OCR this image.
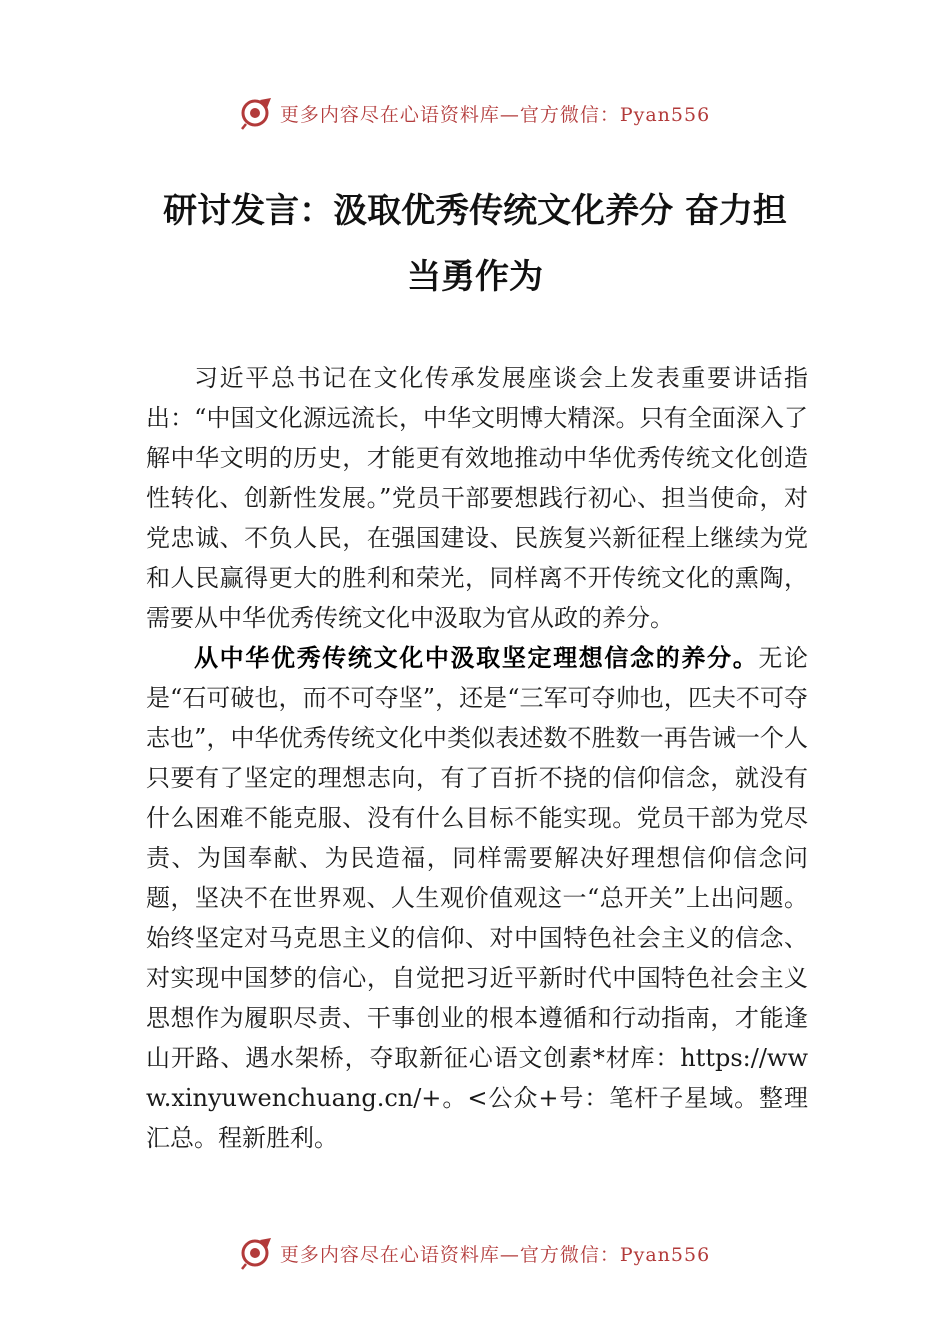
更多内容尽在心语资料库—官方微信：Pyan556
研讨发言：汲取优秀传统文化养分 奋力担
当勇作为

习近平总书记在文化传承发展座谈会上发表重要讲话指出：“中国文化源远流长，中华文明博大精深。只有全面深入了解中华文明的历史，才能更有效地推动中华优秀传统文化创造性转化、创新性发展。”党员干部要想践行初心、担当使命，对党忠诚、不负人民，在强国建设、民族复兴新征程上继续为党和人民赢得更大的胜利和荣光，同样离不开传统文化的熏陶，需要从中华优秀传统文化中汲取为官从政的养分。

从中华优秀传统文化中汲取坚定理想信念的养分。无论是“石可破也，而不可夺坚”，还是“三军可夺帅也，匹夫不可夺志也”，中华优秀传统文化中类似表述数不胜数一再告诫一个人只要有了坚定的理想志向，有了百折不挠的信仰信念，就没有什么困难不能克服、没有什么目标不能实现。党员干部为党尽责、为国奉献、为民造福，同样需要解决好理想信仰信念问题，坚决不在世界观、人生观价值观这一“总开关”上出问题。始终坚定对马克思主义的信仰、对中国特色社会主义的信念、对实现中国梦的信心，自觉把习近平新时代中国特色社会主义思想作为履职尽责、干事创业的根本遵循和行动指南，才能逢山开路、遇水架桥，夺取新征心语文创素*材库：https://www.xinyuwenchuang.cn/+。<公众+号：笔杆子星域。整理汇总。程新胜利。

更多内容尽在心语资料库—官方微信：Pyan556
